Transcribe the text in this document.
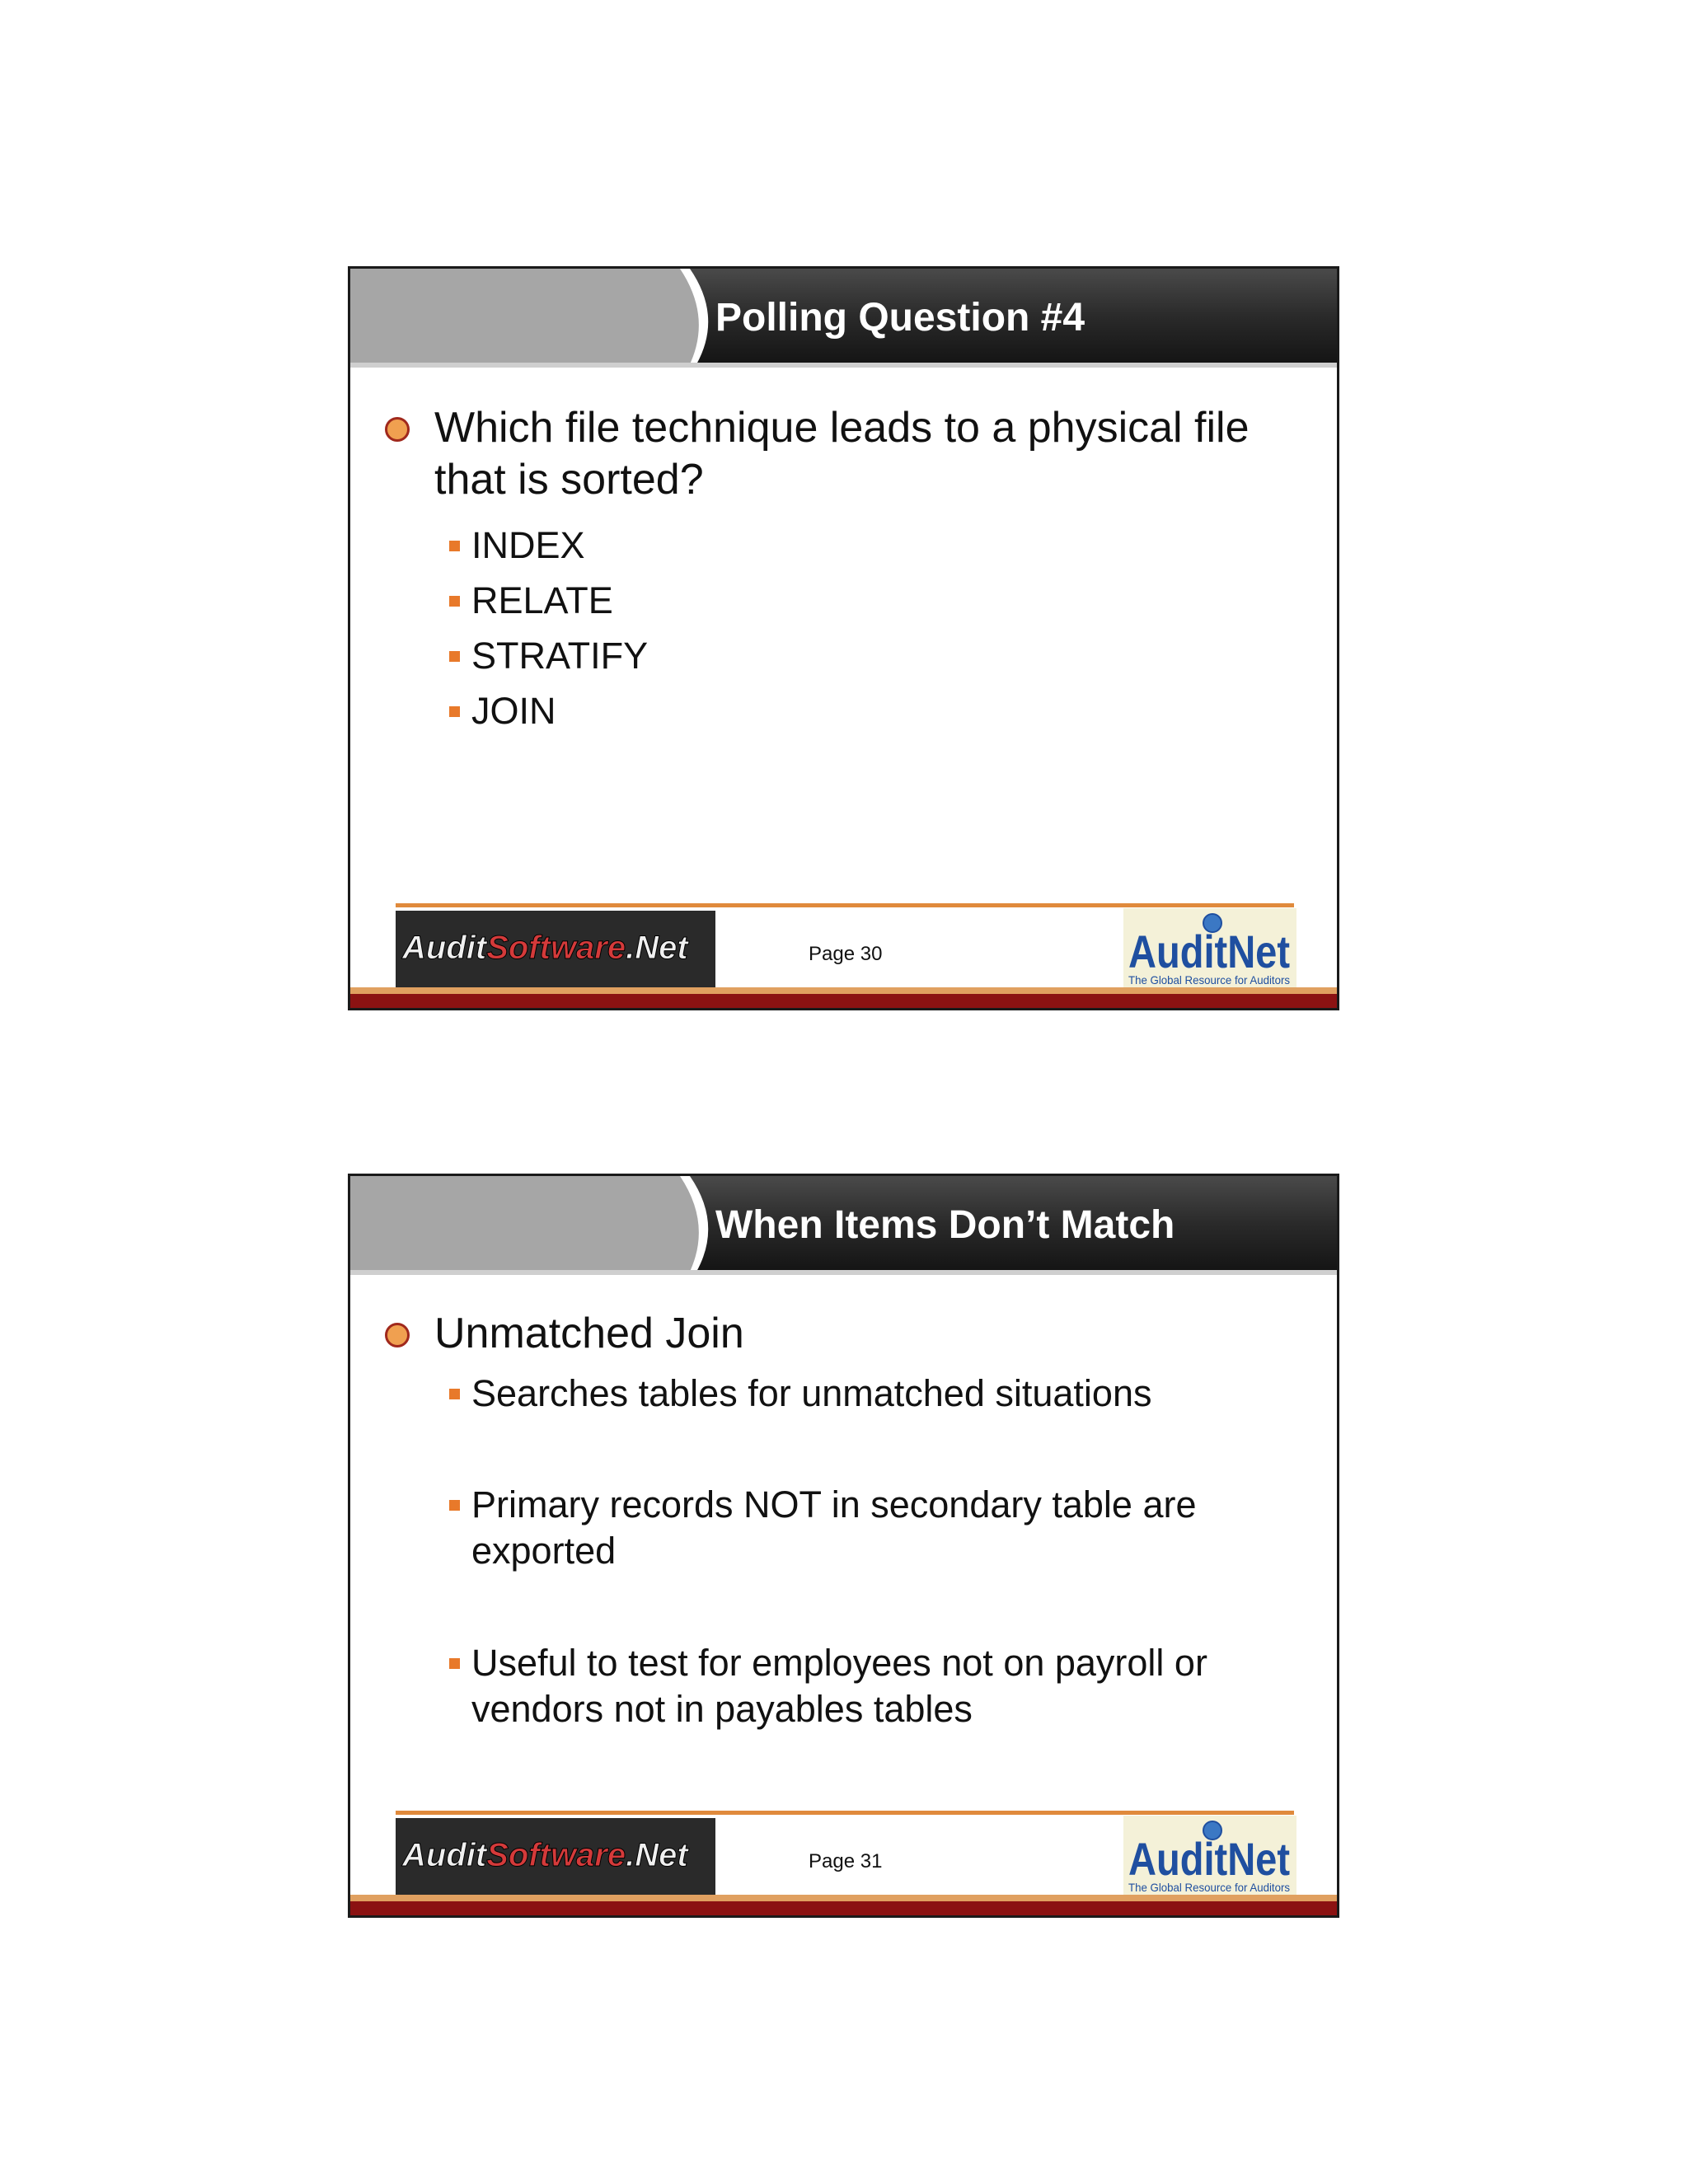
Polling Question #4
Which file technique leads to a physical file that is sorted?
INDEX
RELATE
STRATIFY
JOIN
AuditSoftware.Net	Page 30	AuditNet
The Global Resource for Auditors
When Items Don’t Match
Unmatched Join
Searches tables for unmatched situations
Primary records NOT in secondary table are exported
Useful to test for employees not on payroll or vendors not in payables tables
AuditSoftware.Net	Page 31	AuditNet
The Global Resource for Auditors
